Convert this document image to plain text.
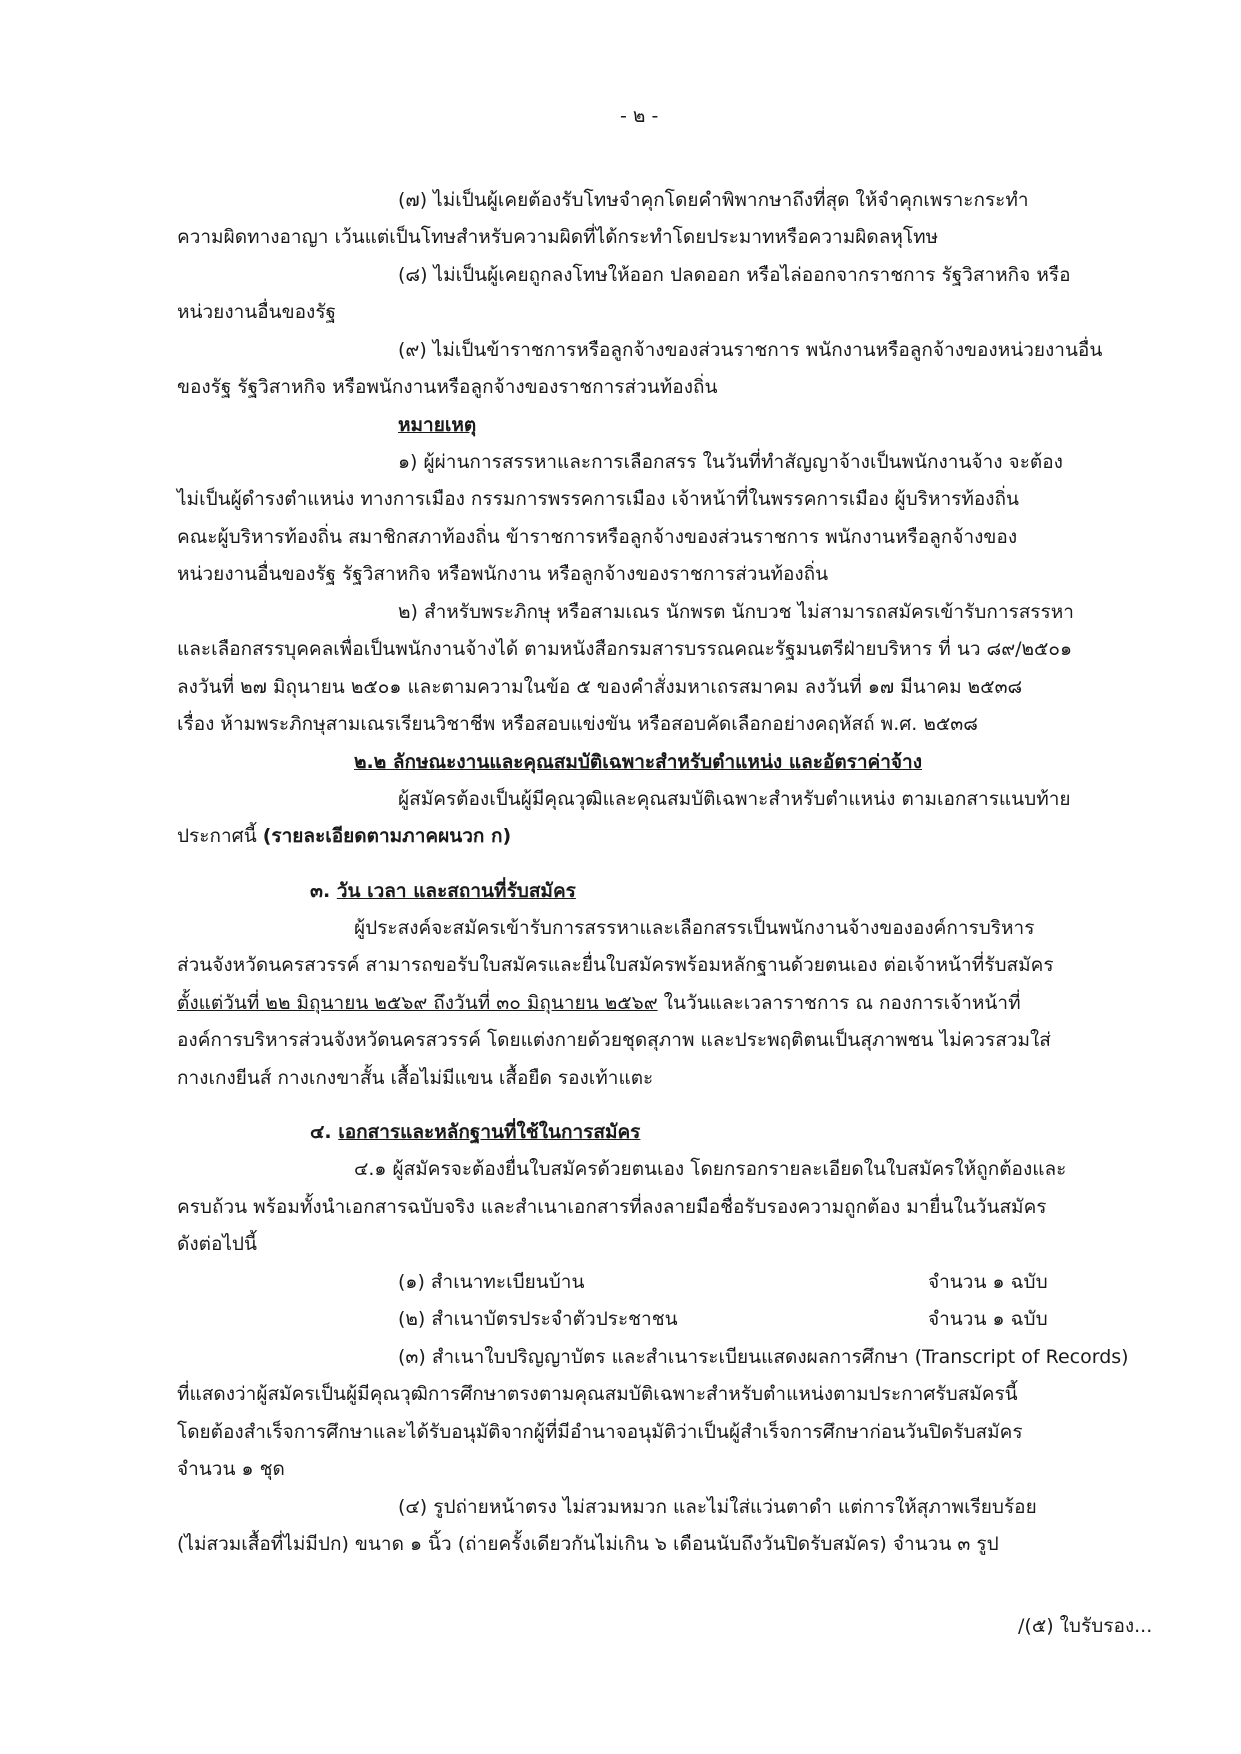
- ๒ -
(๗) ไม่เป็นผู้เคยต้องรับโทษจำคุกโดยคำพิพากษาถึงที่สุด ให้จำคุกเพราะกระทำ
ความผิดทางอาญา เว้นแต่เป็นโทษสำหรับความผิดที่ได้กระทำโดยประมาทหรือความผิดลหุโทษ
(๘) ไม่เป็นผู้เคยถูกลงโทษให้ออก ปลดออก หรือไล่ออกจากราชการ รัฐวิสาหกิจ หรือ
หน่วยงานอื่นของรัฐ
(๙) ไม่เป็นข้าราชการหรือลูกจ้างของส่วนราชการ พนักงานหรือลูกจ้างของหน่วยงานอื่น
ของรัฐ รัฐวิสาหกิจ หรือพนักงานหรือลูกจ้างของราชการส่วนท้องถิ่น
หมายเหตุ
๑) ผู้ผ่านการสรรหาและการเลือกสรร ในวันที่ทำสัญญาจ้างเป็นพนักงานจ้าง จะต้อง
ไม่เป็นผู้ดำรงตำแหน่ง ทางการเมือง กรรมการพรรคการเมือง เจ้าหน้าที่ในพรรคการเมือง ผู้บริหารท้องถิ่น
คณะผู้บริหารท้องถิ่น สมาชิกสภาท้องถิ่น ข้าราชการหรือลูกจ้างของส่วนราชการ พนักงานหรือลูกจ้างของ
หน่วยงานอื่นของรัฐ รัฐวิสาหกิจ หรือพนักงาน หรือลูกจ้างของราชการส่วนท้องถิ่น
๒) สำหรับพระภิกษุ หรือสามเณร นักพรต นักบวช ไม่สามารถสมัครเข้ารับการสรรหา
และเลือกสรรบุคคลเพื่อเป็นพนักงานจ้างได้ ตามหนังสือกรมสารบรรณคณะรัฐมนตรีฝ่ายบริหาร ที่ นว ๘๙/๒๕๐๑
ลงวันที่ ๒๗ มิถุนายน ๒๕๐๑ และตามความในข้อ ๕ ของคำสั่งมหาเถรสมาคม ลงวันที่ ๑๗ มีนาคม ๒๕๓๘
เรื่อง ห้ามพระภิกษุสามเณรเรียนวิชาชีพ หรือสอบแข่งขัน หรือสอบคัดเลือกอย่างคฤหัสถ์ พ.ศ. ๒๕๓๘
๒.๒ ลักษณะงานและคุณสมบัติเฉพาะสำหรับตำแหน่ง และอัตราค่าจ้าง
ผู้สมัครต้องเป็นผู้มีคุณวุฒิและคุณสมบัติเฉพาะสำหรับตำแหน่ง ตามเอกสารแนบท้าย
ประกาศนี้ (รายละเอียดตามภาคผนวก ก)
๓. วัน เวลา และสถานที่รับสมัคร
ผู้ประสงค์จะสมัครเข้ารับการสรรหาและเลือกสรรเป็นพนักงานจ้างขององค์การบริหาร
ส่วนจังหวัดนครสวรรค์ สามารถขอรับใบสมัครและยื่นใบสมัครพร้อมหลักฐานด้วยตนเอง ต่อเจ้าหน้าที่รับสมัคร
ตั้งแต่วันที่ ๒๒ มิถุนายน ๒๕๖๙ ถึงวันที่ ๓๐ มิถุนายน ๒๕๖๙ ในวันและเวลาราชการ ณ กองการเจ้าหน้าที่
องค์การบริหารส่วนจังหวัดนครสวรรค์ โดยแต่งกายด้วยชุดสุภาพ และประพฤติตนเป็นสุภาพชน ไม่ควรสวมใส่
กางเกงยีนส์ กางเกงขาสั้น เสื้อไม่มีแขน เสื้อยืด รองเท้าแตะ
๔. เอกสารและหลักฐานที่ใช้ในการสมัคร
๔.๑ ผู้สมัครจะต้องยื่นใบสมัครด้วยตนเอง โดยกรอกรายละเอียดในใบสมัครให้ถูกต้องและ
ครบถ้วน พร้อมทั้งนำเอกสารฉบับจริง และสำเนาเอกสารที่ลงลายมือชื่อรับรองความถูกต้อง มายื่นในวันสมัคร
ดังต่อไปนี้
(๑) สำเนาทะเบียนบ้าน	จำนวน ๑ ฉบับ
(๒) สำเนาบัตรประจำตัวประชาชน	จำนวน ๑ ฉบับ
(๓) สำเนาใบปริญญาบัตร และสำเนาระเบียนแสดงผลการศึกษา (Transcript of Records)
ที่แสดงว่าผู้สมัครเป็นผู้มีคุณวุฒิการศึกษาตรงตามคุณสมบัติเฉพาะสำหรับตำแหน่งตามประกาศรับสมัครนี้
โดยต้องสำเร็จการศึกษาและได้รับอนุมัติจากผู้ที่มีอำนาจอนุมัติว่าเป็นผู้สำเร็จการศึกษาก่อนวันปิดรับสมัคร
จำนวน ๑ ชุด
(๔) รูปถ่ายหน้าตรง ไม่สวมหมวก และไม่ใส่แว่นตาดำ แต่การให้สุภาพเรียบร้อย
(ไม่สวมเสื้อที่ไม่มีปก) ขนาด ๑ นิ้ว (ถ่ายครั้งเดียวกันไม่เกิน ๖ เดือนนับถึงวันปิดรับสมัคร) จำนวน ๓ รูป
/(๕) ใบรับรอง...
